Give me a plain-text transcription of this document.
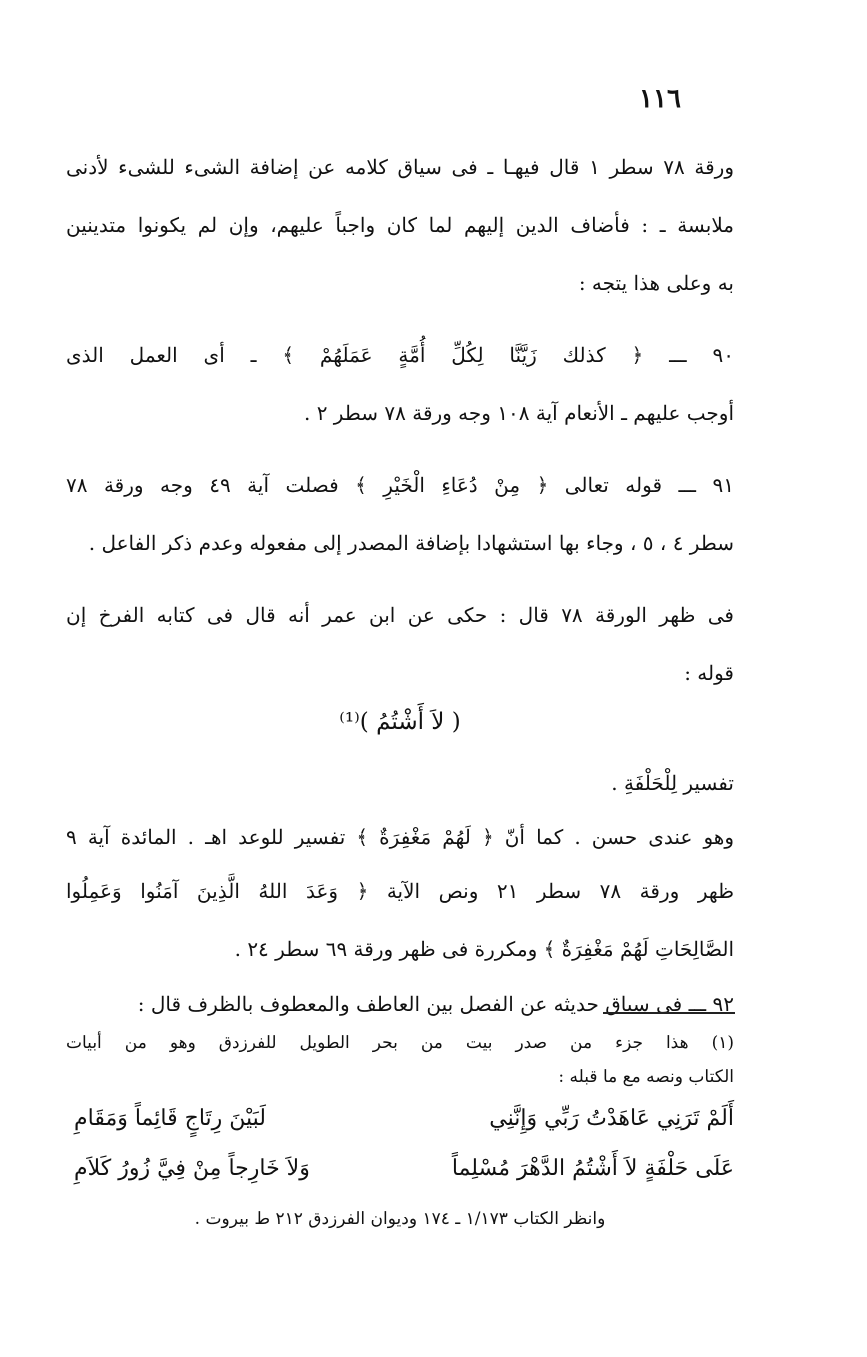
١١٦
ورقة ٧٨ سطر ١ قال فيهـا ـ فى سياق كلامه عن إضافة الشىء للشىء لأدنى
ملابسة ـ : فأضاف الدين إليهم لما كان واجباً عليهم، وإن لم يكونوا متدينين
به وعلى هذا يتجه :
٩٠ ـــ ﴿ كذلك زَيَّنَّا لِكُلِّ أُمَّةٍ عَمَلَهُمْ ﴾ ـ أى العمل الذى
أوجب عليهم ـ الأنعام آية ١٠٨ وجه ورقة ٧٨ سطر ٢ .
٩١ ـــ قوله تعالى ﴿ مِنْ دُعَاءِ الْخَيْرِ ﴾ فصلت آية ٤٩ وجه ورقة ٧٨
سطر ٤ ، ٥ ، وجاء بها استشهادا بإضافة المصدر إلى مفعوله وعدم ذكر الفاعل .
فى ظهر الورقة ٧٨ قال : حكى عن ابن عمر أنه قال فى كتابه الفرخ إن
قوله :
( لاَ أَشْتُمُ )⁽¹⁾
تفسير لِلْحَلْفَةِ .
وهو عندى حسن . كما أنّ ﴿ لَهُمْ مَغْفِرَةٌ ﴾ تفسير للوعد اهـ . المائدة آية ٩
ظهر ورقة ٧٨ سطر ٢١ ونص الآية ﴿ وَعَدَ اللهُ الَّذِينَ آمَنُوا وَعَمِلُوا
الصَّالِحَاتِ لَهُمْ مَغْفِرَةٌ ﴾ ومكررة فى ظهر ورقة ٦٩ سطر ٢٤ .
٩٢ ـــ فى سياق حديثه عن الفصل بين العاطف والمعطوف بالظرف قال :
(١) هذا جزء من صدر بيت من بحر الطويل للفرزدق وهو من أبيات
الكتاب ونصه مع ما قبله :
أَلَمْ تَرَنِي عَاهَدْتُ رَبِّي وَإِنَّنِي
لَبَيْنَ رِتَاجٍ قَائِماً وَمَقَامِ
عَلَى حَلْفَةٍ لاَ أَشْتُمُ الدَّهْرَ مُسْلِماً
وَلاَ خَارِجاً مِنْ فِيَّ زُورُ كَلاَمِ
وانظر الكتاب ١/١٧٣ ـ ١٧٤ وديوان الفرزدق ٢١٢ ط بيروت .
